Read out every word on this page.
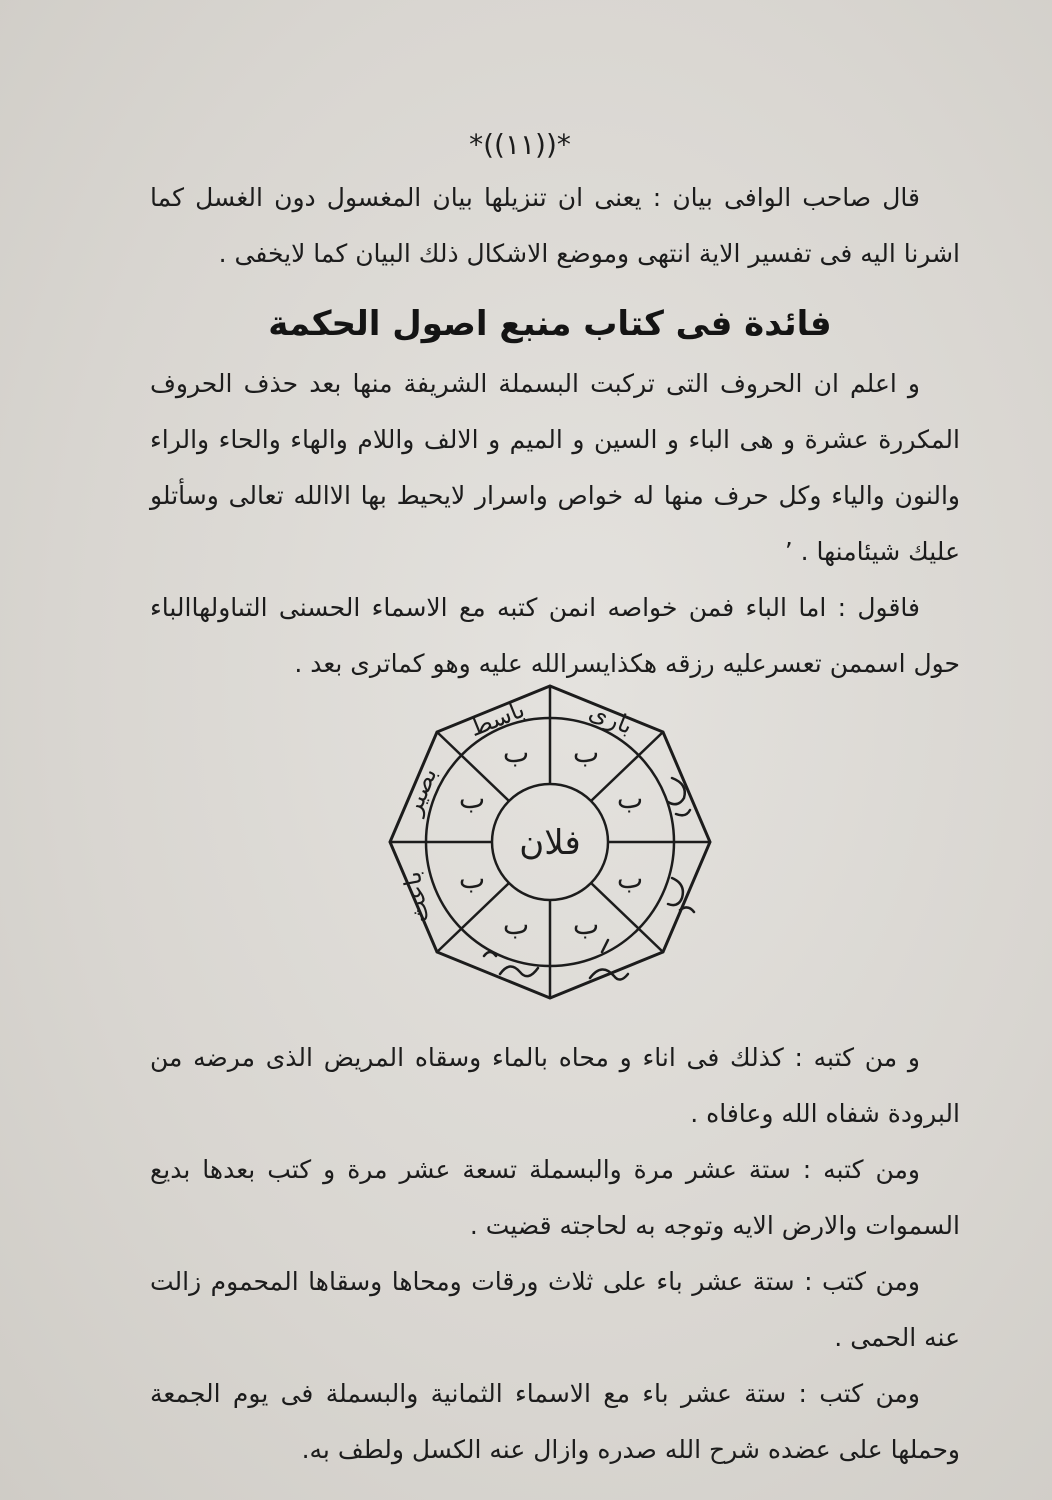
*((١١))*

قال صاحب الوافى بيان : يعنى ان تنزيلها بيان المغسول دون الغسل كما اشرنا اليه فى تفسير الاية انتهى وموضع الاشكال ذلك البيان كما لايخفى .

فائدة فى كتاب منبع اصول الحكمة

و اعلم ان الحروف التى تركبت البسملة الشريفة منها بعد حذف الحروف المكررة عشرة و هى الباء و السين و الميم و الالف واللام والهاء والحاء والراء والنون والياء وكل حرف منها له خواص واسرار لايحيط بها الاالله تعالى وسأتلو عليك شيئامنها . ’

فاقول : اما الباء فمن خواصه انمن كتبه مع الاسماء الحسنى التىاولهاالباء حول اسممن تعسرعليه رزقه هكذايسرالله عليه وهو كماترى بعد .

فلان
ب
ب
ب
ب
ب ب
ب
ب
بارى
باسط
بصير
باعث

و من كتبه : كذلك فى اناء و محاه بالماء وسقاه المريض الذى مرضه من البرودة شفاه الله وعافاه .

ومن كتبه : ستة عشر مرة والبسملة تسعة عشر مرة و كتب بعدها بديع السموات والارض الايه وتوجه به لحاجته قضيت .

ومن كتب : ستة عشر باء على ثلاث ورقات ومحاها وسقاها المحموم زالت عنه الحمى .

ومن كتب : ستة عشر باء مع الاسماء الثمانية والبسملة فى يوم الجمعة وحملها على عضده شرح الله صدره وازال عنه الكسل ولطف به.
